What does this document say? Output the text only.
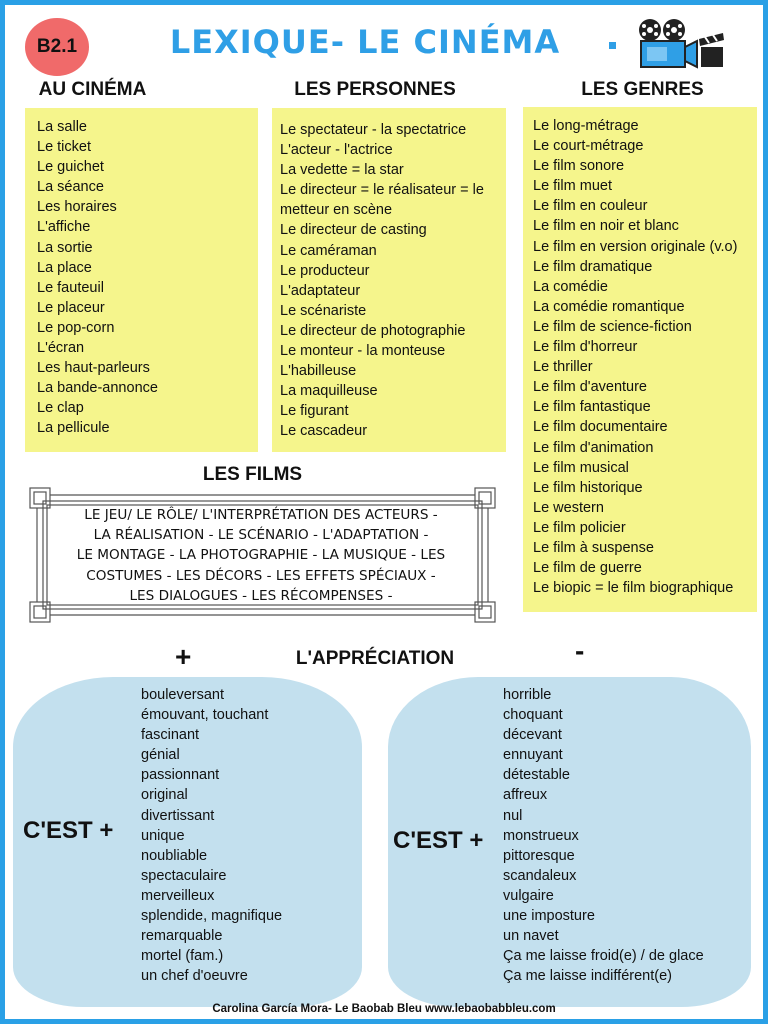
B2.1	LEXIQUE- LE CINÉMA
AU CINÉMA	LES PERSONNES	LES GENRES
La salle
Le ticket
Le guichet
La séance
Les horaires
L'affiche
La sortie
La place
Le fauteuil
Le placeur
Le pop-corn
L'écran
Les haut-parleurs
La bande-annonce
Le clap
La pellicule
Le spectateur - la spectatrice
L'acteur - l'actrice
La vedette = la star
Le directeur = le réalisateur = le metteur en scène
Le directeur de casting
Le caméraman
Le producteur
L'adaptateur
Le scénariste
Le directeur de photographie
Le monteur - la monteuse
L'habilleuse
La maquilleuse
Le figurant
Le cascadeur
Le long-métrage
Le court-métrage
Le film sonore
Le film muet
Le film en couleur
Le film en noir et blanc
Le film en version originale (v.o)
Le film dramatique
La comédie
La comédie romantique
Le film de science-fiction
Le film d'horreur
Le thriller
Le film d'aventure
Le film fantastique
Le film documentaire
Le film d'animation
Le film musical
Le film historique
Le western
Le film policier
Le film à suspense
Le film de guerre
Le biopic = le film biographique
LES FILMS
LE JEU/ LE RÔLE/ L'INTERPRÉTATION DES ACTEURS -
LA RÉALISATION - LE SCÉNARIO - L'ADAPTATION -
LE MONTAGE - LA PHOTOGRAPHIE - LA MUSIQUE - LES
COSTUMES - LES DÉCORS - LES EFFETS SPÉCIAUX -
LES DIALOGUES - LES RÉCOMPENSES -
+	L'APPRÉCIATION	-
C'EST +
bouleversant
émouvant, touchant
fascinant
génial
passionnant
original
divertissant
unique
noubliable
spectaculaire
merveilleux
splendide, magnifique
remarquable
mortel (fam.)
un chef d'oeuvre
C'EST +
horrible
choquant
décevant
ennuyant
détestable
affreux
nul
monstrueux
pittoresque
scandaleux
vulgaire
une imposture
un navet
Ça me laisse froid(e) / de glace
Ça me laisse indifférent(e)
Carolina García Mora- Le Baobab Bleu www.lebaobabbleu.com
